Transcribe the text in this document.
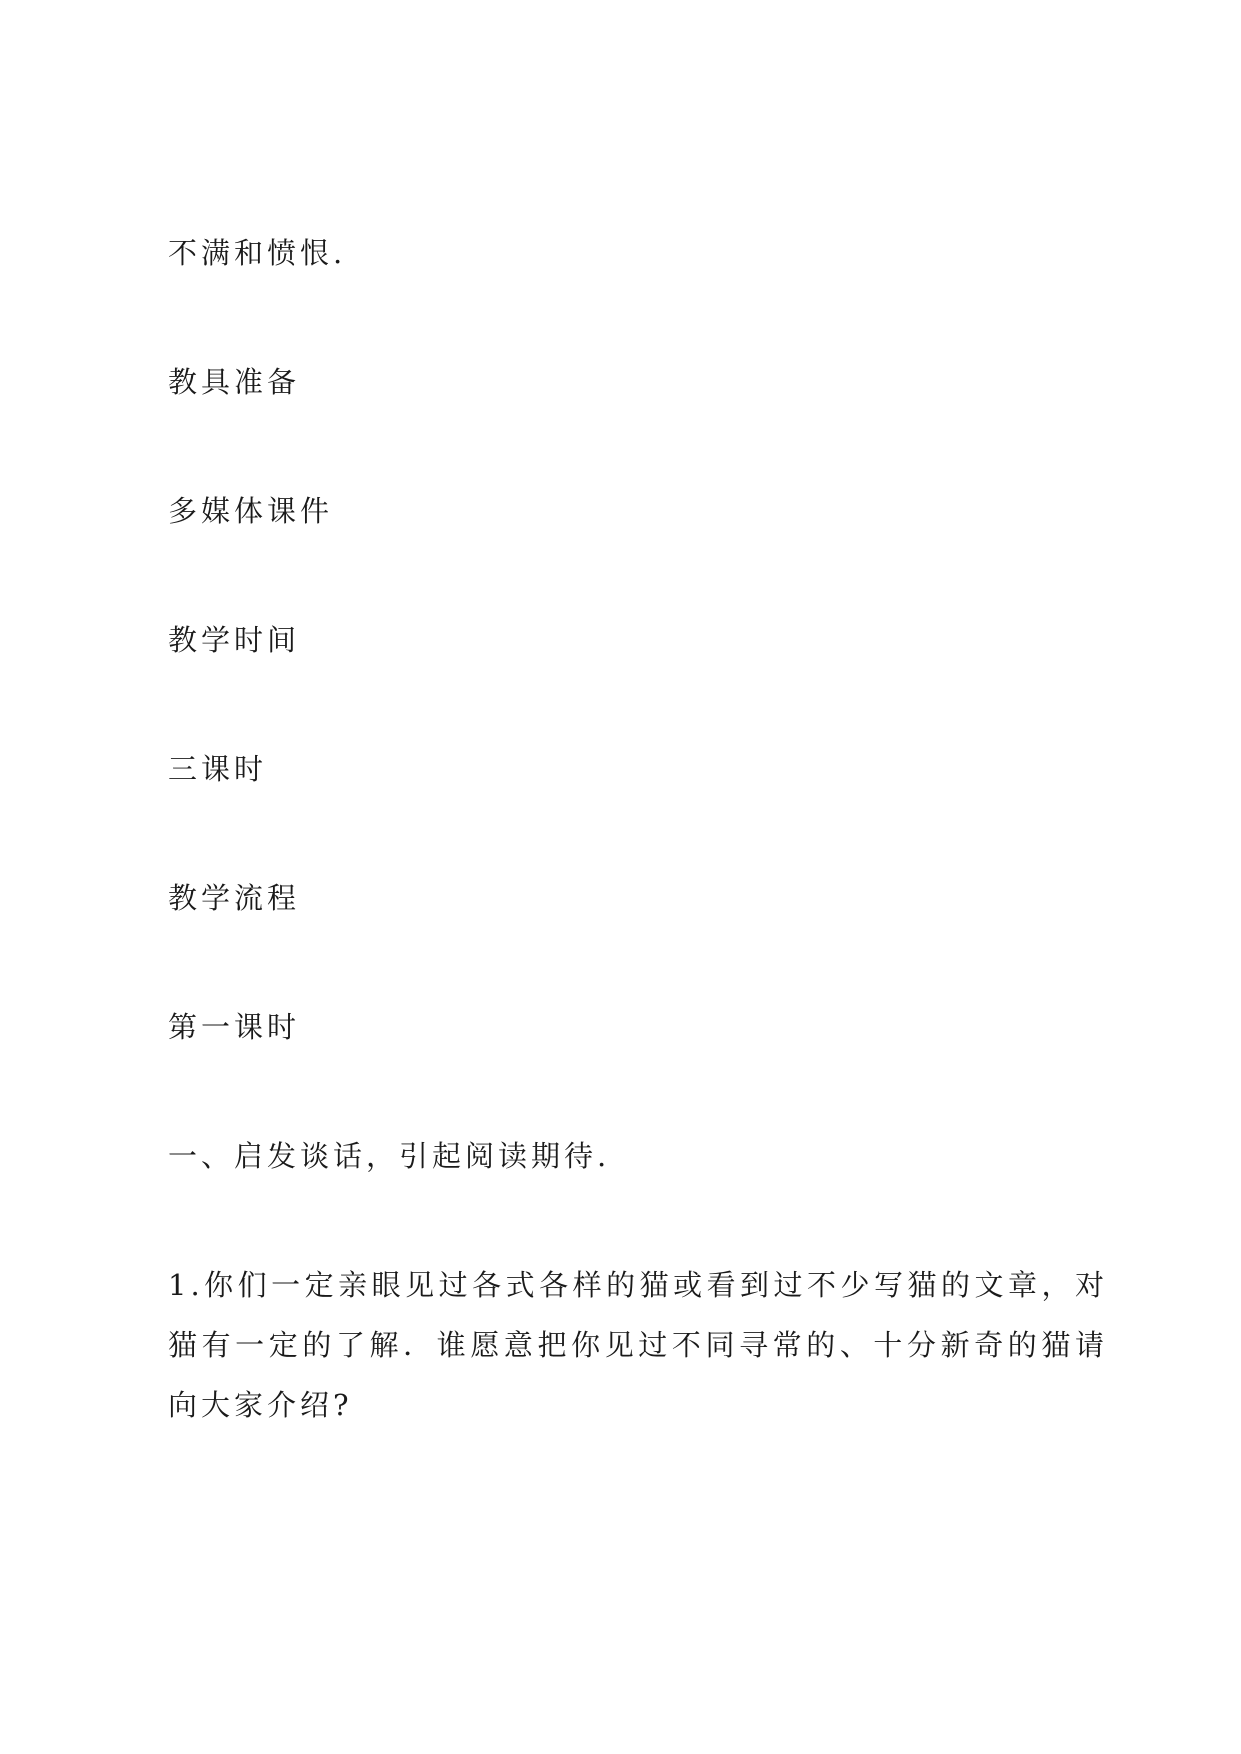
不满和愤恨.
教具准备
多媒体课件
教学时间
三课时
教学流程
第一课时
一、启发谈话，引起阅读期待.
1.你们一定亲眼见过各式各样的猫或看到过不少写猫的文章，对猫有一定的了解．谁愿意把你见过不同寻常的、十分新奇的猫请向大家介绍?
